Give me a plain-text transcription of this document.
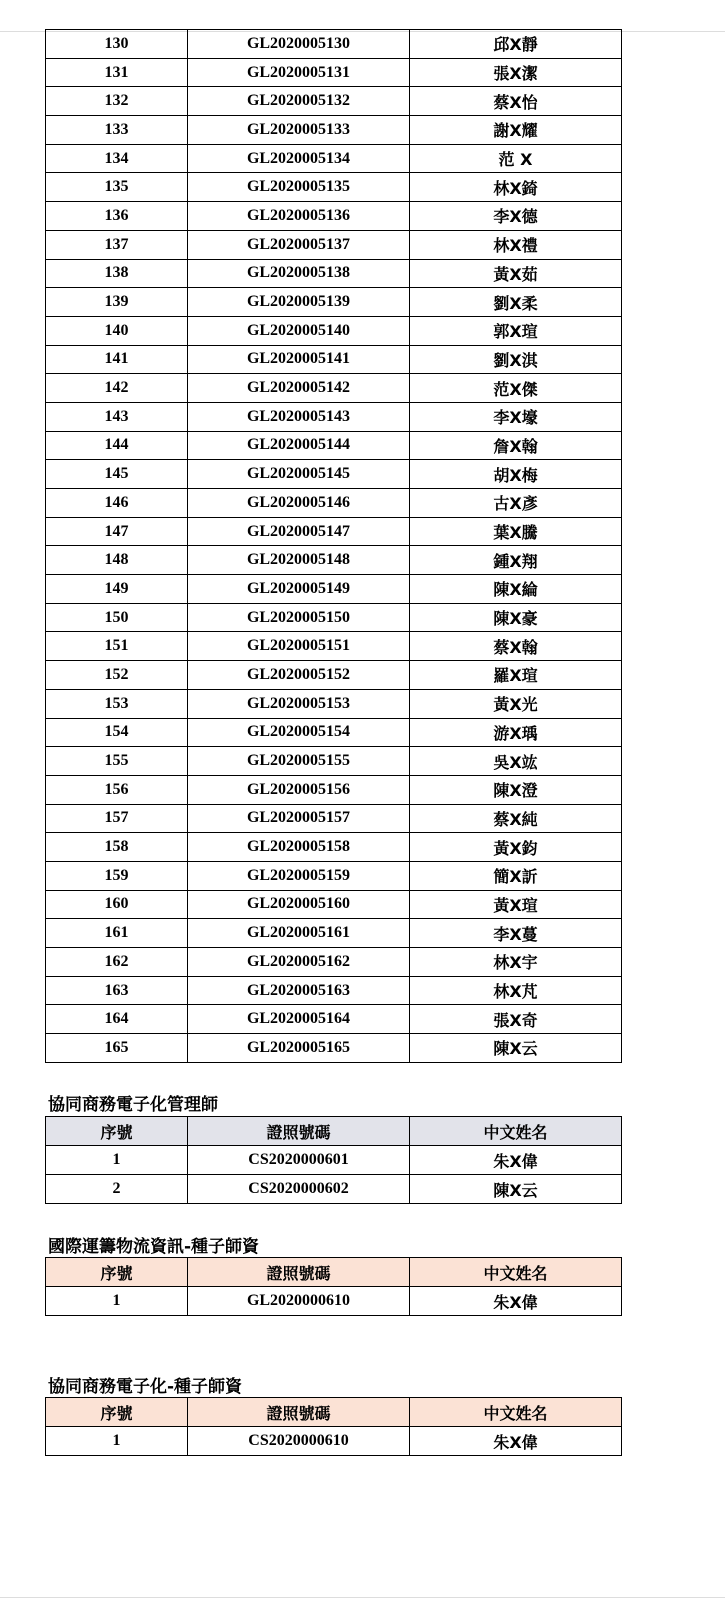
130	GL2020005130	邱X靜
131	GL2020005131	張X潔
132	GL2020005132	蔡X怡
133	GL2020005133	謝X耀
134	GL2020005134	范 X
135	GL2020005135	林X錡
136	GL2020005136	李X德
137	GL2020005137	林X禮
138	GL2020005138	黃X茹
139	GL2020005139	劉X柔
140	GL2020005140	郭X瑄
141	GL2020005141	劉X淇
142	GL2020005142	范X傑
143	GL2020005143	李X壕
144	GL2020005144	詹X翰
145	GL2020005145	胡X梅
146	GL2020005146	古X彥
147	GL2020005147	葉X騰
148	GL2020005148	鍾X翔
149	GL2020005149	陳X綸
150	GL2020005150	陳X豪
151	GL2020005151	蔡X翰
152	GL2020005152	羅X瑄
153	GL2020005153	黃X光
154	GL2020005154	游X瑀
155	GL2020005155	吳X竑
156	GL2020005156	陳X澄
157	GL2020005157	蔡X純
158	GL2020005158	黃X鈞
159	GL2020005159	簡X訢
160	GL2020005160	黃X瑄
161	GL2020005161	李X蔓
162	GL2020005162	林X宇
163	GL2020005163	林X芃
164	GL2020005164	張X奇
165	GL2020005165	陳X云
協同商務電子化管理師
序號	證照號碼	中文姓名
1	CS2020000601	朱X偉
2	CS2020000602	陳X云
國際運籌物流資訊-種子師資
序號	證照號碼	中文姓名
1	GL2020000610	朱X偉
協同商務電子化-種子師資
序號	證照號碼	中文姓名
1	CS2020000610	朱X偉
